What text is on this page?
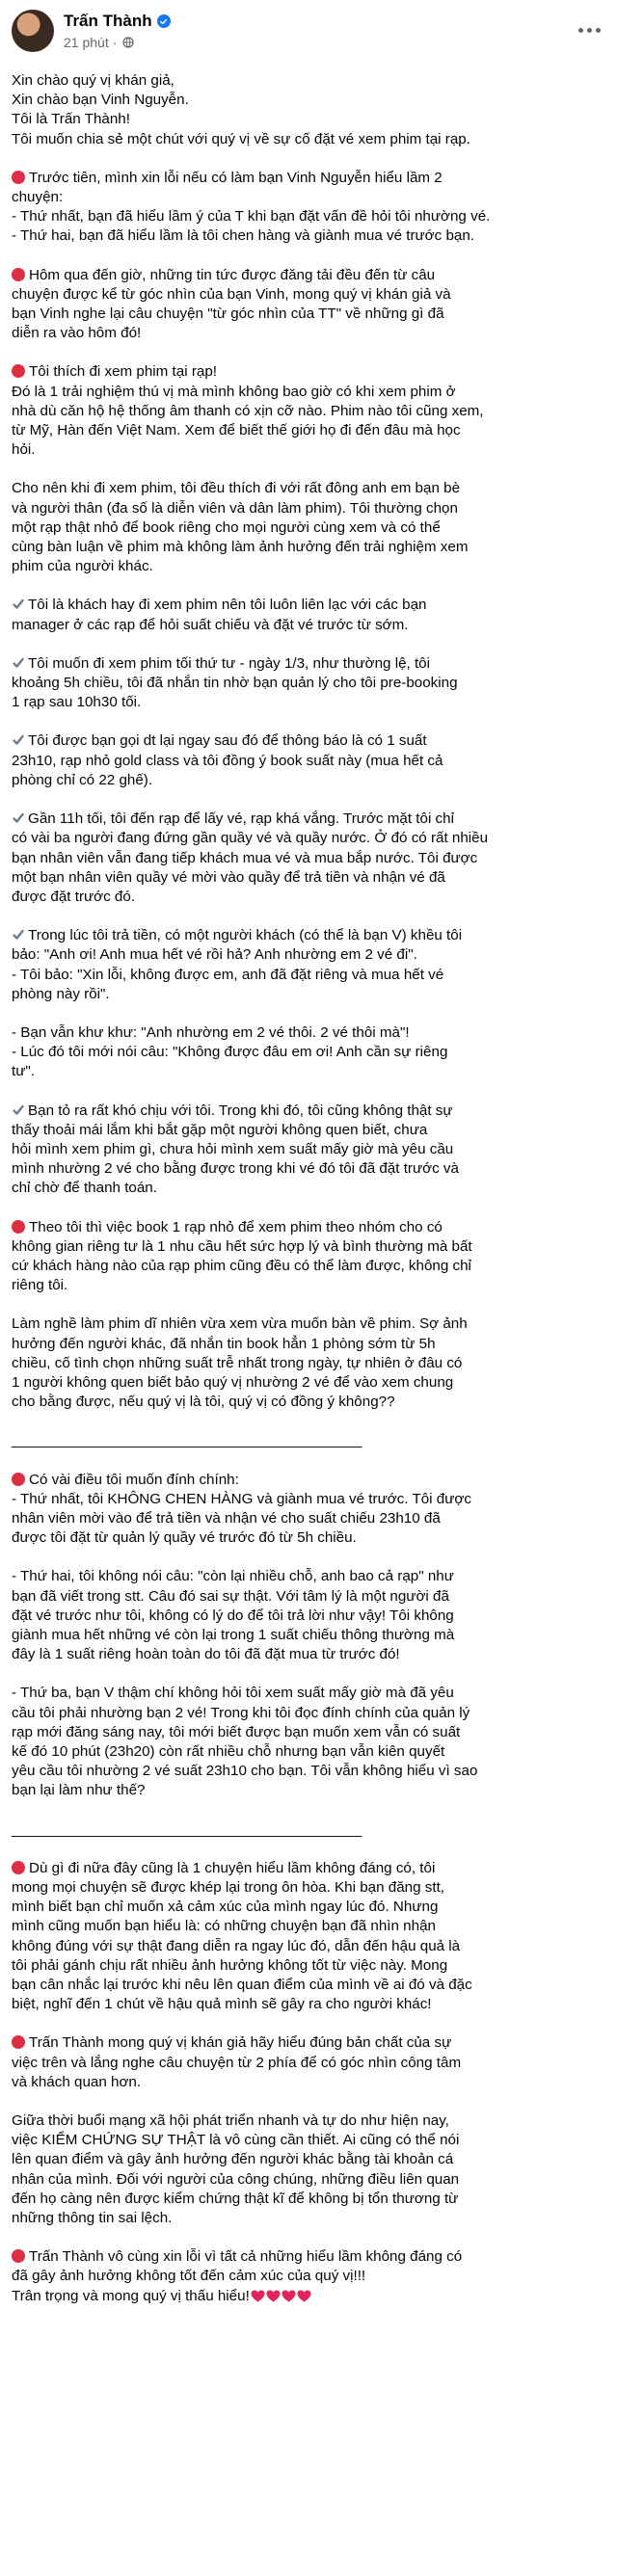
Trấn Thành
21 phút ·
Xin chào quý vị khán giả,
Xin chào bạn Vinh Nguyễn.
Tôi là Trấn Thành!
Tôi muốn chia sẻ một chút với quý vị về sự cố đặt vé xem phim tại rạp.
Trước tiên, mình xin lỗi nếu có làm bạn Vinh Nguyễn hiểu lầm 2
chuyện:
- Thứ nhất, bạn đã hiểu lầm ý của T khi bạn đặt vấn đề hỏi tôi nhường vé.
- Thứ hai, bạn đã hiểu lầm là tôi chen hàng và giành mua vé trước bạn.
Hôm qua đến giờ, những tin tức được đăng tải đều đến từ câu
chuyện được kể từ góc nhìn của bạn Vinh, mong quý vị khán giả và
bạn Vinh nghe lại câu chuyện "từ góc nhìn của TT" về những gì đã
diễn ra vào hôm đó!
Tôi thích đi xem phim tại rạp!
Đó là 1 trải nghiệm thú vị mà mình không bao giờ có khi xem phim ở
nhà dù căn hộ hệ thống âm thanh có xịn cỡ nào. Phim nào tôi cũng xem,
từ Mỹ, Hàn đến Việt Nam. Xem để biết thế giới họ đi đến đâu mà học
hỏi.
Cho nên khi đi xem phim, tôi đều thích đi với rất đông anh em bạn bè
và người thân (đa số là diễn viên và dân làm phim). Tôi thường chọn
một rạp thật nhỏ để book riêng cho mọi người cùng xem và có thể
cùng bàn luận về phim mà không làm ảnh hưởng đến trải nghiệm xem
phim của người khác.
Tôi là khách hay đi xem phim nên tôi luôn liên lạc với các bạn
manager ở các rạp để hỏi suất chiếu và đặt vé trước từ sớm.
Tôi muốn đi xem phim tối thứ tư - ngày 1/3, như thường lệ, tôi
khoảng 5h chiều, tôi đã nhắn tin nhờ bạn quản lý cho tôi pre-booking
1 rạp sau 10h30 tối.
Tôi được bạn gọi dt lại ngay sau đó để thông báo là có 1 suất
23h10, rạp nhỏ gold class và tôi đồng ý book suất này (mua hết cả
phòng chỉ có 22 ghế).
Gần 11h tối, tôi đến rạp để lấy vé, rạp khá vắng. Trước mặt tôi chỉ
có vài ba người đang đứng gần quầy vé và quầy nước. Ở đó có rất nhiều
bạn nhân viên vẫn đang tiếp khách mua vé và mua bắp nước. Tôi được
một bạn nhân viên quầy vé mời vào quầy để trả tiền và nhận vé đã
được đặt trước đó.
Trong lúc tôi trả tiền, có một người khách (có thể là bạn V) khều tôi
bảo: "Anh ơi! Anh mua hết vé rồi hả? Anh nhường em 2 vé đi".
- Tôi bảo: "Xin lỗi, không được em, anh đã đặt riêng và mua hết vé
phòng này rồi".
- Bạn vẫn khư khư: "Anh nhường em 2 vé thôi. 2 vé thôi mà"!
- Lúc đó tôi mới nói câu: "Không được đâu em ơi! Anh cần sự riêng
tư".
Bạn tỏ ra rất khó chịu với tôi. Trong khi đó, tôi cũng không thật sự
thấy thoải mái lắm khi bắt gặp một người không quen biết, chưa
hỏi mình xem phim gì, chưa hỏi mình xem suất mấy giờ mà yêu cầu
mình nhường 2 vé cho bằng được trong khi vé đó tôi đã đặt trước và
chỉ chờ để thanh toán.
Theo tôi thì việc book 1 rạp nhỏ để xem phim theo nhóm cho có
không gian riêng tư là 1 nhu cầu hết sức hợp lý và bình thường mà bất
cứ khách hàng nào của rạp phim cũng đều có thể làm được, không chỉ
riêng tôi.
Làm nghề làm phim dĩ nhiên vừa xem vừa muốn bàn về phim. Sợ ảnh
hưởng đến người khác, đã nhắn tin book hẳn 1 phòng sớm từ 5h
chiều, cố tình chọn những suất trễ nhất trong ngày, tự nhiên ở đâu có
1 người không quen biết bảo quý vị nhường 2 vé để vào xem chung
cho bằng được, nếu quý vị là tôi, quý vị có đồng ý không??
___________________________________________
Có vài điều tôi muốn đính chính:
- Thứ nhất, tôi KHÔNG CHEN HÀNG và giành mua vé trước. Tôi được
nhân viên mời vào để trả tiền và nhận vé cho suất chiếu 23h10 đã
được tôi đặt từ quản lý quầy vé trước đó từ 5h chiều.
- Thứ hai, tôi không nói câu: "còn lại nhiều chỗ, anh bao cả rạp" như
bạn đã viết trong stt. Câu đó sai sự thật. Với tâm lý là một người đã
đặt vé trước như tôi, không có lý do để tôi trả lời như vậy! Tôi không
giành mua hết những vé còn lại trong 1 suất chiếu thông thường mà
đây là 1 suất riêng hoàn toàn do tôi đã đặt mua từ trước đó!
- Thứ ba, bạn V thậm chí không hỏi tôi xem suất mấy giờ mà đã yêu
cầu tôi phải nhường bạn 2 vé! Trong khi tôi đọc đính chính của quản lý
rạp mới đăng sáng nay, tôi mới biết được bạn muốn xem vẫn có suất
kế đó 10 phút (23h20) còn rất nhiều chỗ nhưng bạn vẫn kiên quyết
yêu cầu tôi nhường 2 vé suất 23h10 cho bạn. Tôi vẫn không hiểu vì sao
bạn lại làm như thế?
___________________________________________
Dù gì đi nữa đây cũng là 1 chuyện hiểu lầm không đáng có, tôi
mong mọi chuyện sẽ được khép lại trong ôn hòa. Khi bạn đăng stt,
mình biết bạn chỉ muốn xả cảm xúc của mình ngay lúc đó. Nhưng
mình cũng muốn bạn hiểu là: có những chuyện bạn đã nhìn nhận
không đúng với sự thật đang diễn ra ngay lúc đó, dẫn đến hậu quả là
tôi phải gánh chịu rất nhiều ảnh hưởng không tốt từ việc này. Mong
bạn cân nhắc lại trước khi nêu lên quan điểm của mình về ai đó và đặc
biệt, nghĩ đến 1 chút về hậu quả mình sẽ gây ra cho người khác!
Trấn Thành mong quý vị khán giả hãy hiểu đúng bản chất của sự
việc trên và lắng nghe câu chuyện từ 2 phía để có góc nhìn công tâm
và khách quan hơn.
Giữa thời buổi mạng xã hội phát triển nhanh và tự do như hiện nay,
việc KIỂM CHỨNG SỰ THẬT là vô cùng cần thiết. Ai cũng có thể nói
lên quan điểm và gây ảnh hưởng đến người khác bằng tài khoản cá
nhân của mình. Đối với người của công chúng, những điều liên quan
đến họ càng nên được kiểm chứng thật kĩ để không bị tổn thương từ
những thông tin sai lệch.
Trấn Thành vô cùng xin lỗi vì tất cả những hiểu lầm không đáng có
đã gây ảnh hưởng không tốt đến cảm xúc của quý vị!!!
Trân trọng và mong quý vị thấu hiểu!
